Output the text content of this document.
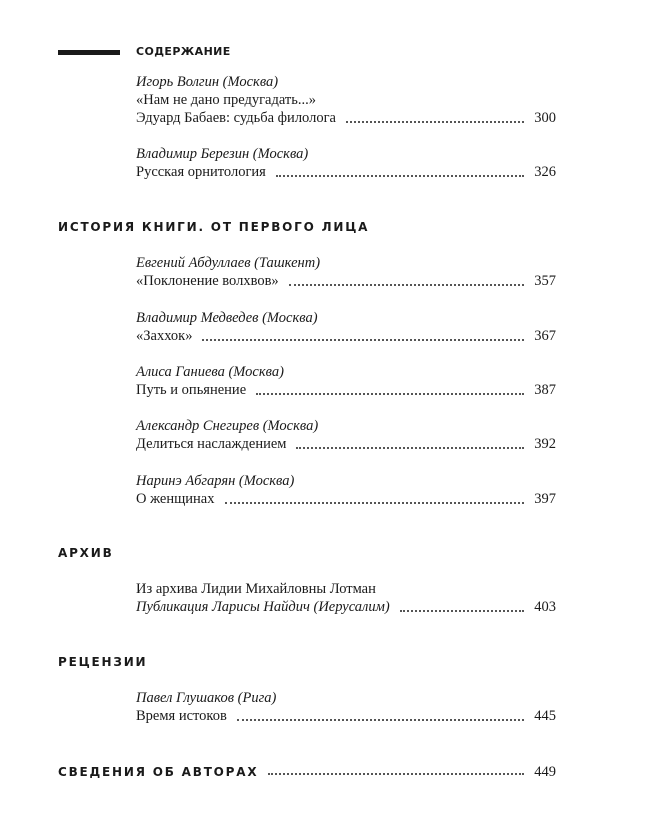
СОДЕРЖАНИЕ
Игорь Волгин (Москва)
«Нам не дано предугадать...»
Эдуард Бабаев: судьба филолога	300
Владимир Березин (Москва)
Русская орнитология	326
ИСТОРИЯ КНИГИ. ОТ ПЕРВОГО ЛИЦА
Евгений Абдуллаев (Ташкент)
«Поклонение волхвов»	357
Владимир Медведев (Москва)
«Заххок»	367
Алиса Ганиева (Москва)
Путь и опьянение	387
Александр Снегирев (Москва)
Делиться наслаждением	392
Наринэ Абгарян (Москва)
О женщинах	397
АРХИВ
Из архива Лидии Михайловны Лотман
Публикация Ларисы Найдич (Иерусалим)	403
РЕЦЕНЗИИ
Павел Глушаков (Рига)
Время истоков	445
СВЕДЕНИЯ ОБ АВТОРАХ	449
